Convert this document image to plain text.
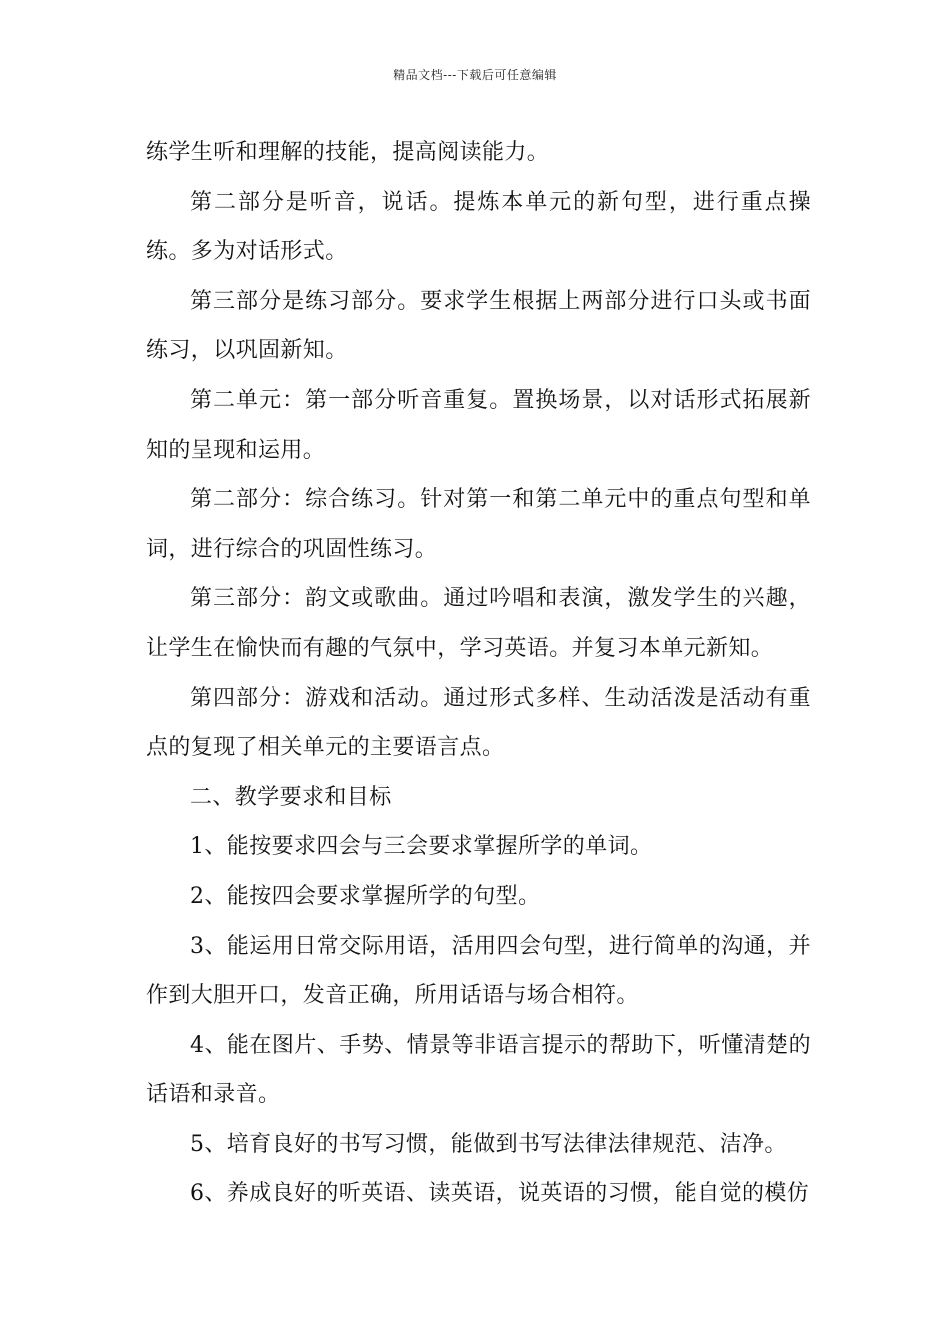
精品文档---下载后可任意编辑

练学生听和理解的技能，提高阅读能力。

第二部分是听音，说话。提炼本单元的新句型，进行重点操练。多为对话形式。

第三部分是练习部分。要求学生根据上两部分进行口头或书面练习，以巩固新知。

第二单元：第一部分听音重复。置换场景，以对话形式拓展新知的呈现和运用。

第二部分：综合练习。针对第一和第二单元中的重点句型和单词，进行综合的巩固性练习。

第三部分：韵文或歌曲。通过吟唱和表演，激发学生的兴趣，让学生在愉快而有趣的气氛中，学习英语。并复习本单元新知。

第四部分：游戏和活动。通过形式多样、生动活泼是活动有重点的复现了相关单元的主要语言点。

二、教学要求和目标

1、能按要求四会与三会要求掌握所学的单词。

2、能按四会要求掌握所学的句型。

3、能运用日常交际用语，活用四会句型，进行简单的沟通，并作到大胆开口，发音正确，所用话语与场合相符。

4、能在图片、手势、情景等非语言提示的帮助下，听懂清楚的话语和录音。

5、培育良好的书写习惯，能做到书写法律法律规范、洁净。

6、养成良好的听英语、读英语，说英语的习惯，能自觉的模仿
